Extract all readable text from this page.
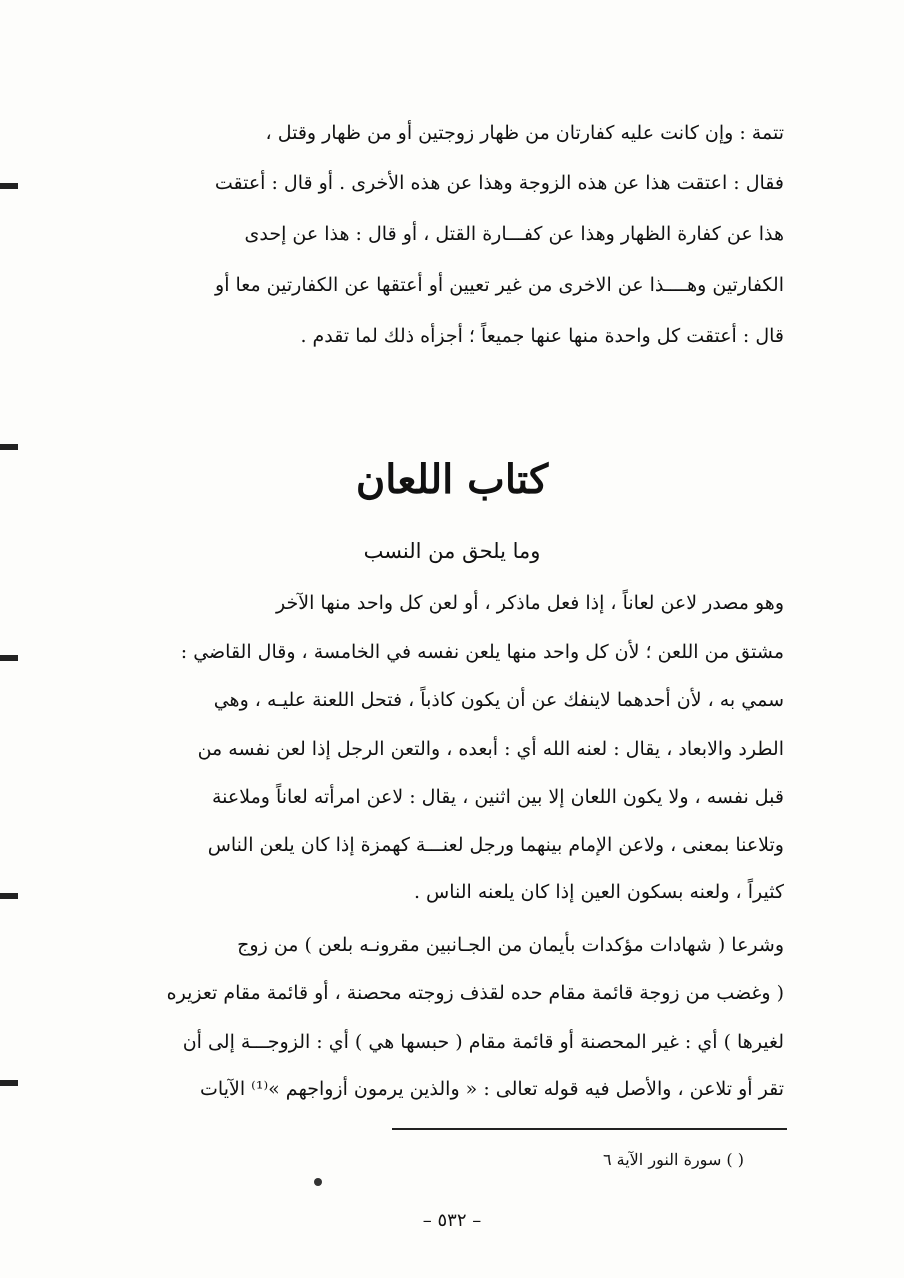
تتمة : وإن كانت عليه كفارتان من ظهار زوجتين أو من ظهار وقتل ،
فقال : اعتقت هذا عن هذه الزوجة وهذا عن هذه الأخرى . أو قال : أعتقت
هذا عن كفارة الظهار وهذا عن كفـــارة القتل ، أو قال : هذا عن إحدى
الكفارتين وهــــذا عن الاخرى من غير تعيين أو أعتقها عن الكفارتين معا أو
قال : أعتقت كل واحدة منها عنها جميعاً ؛ أجزأه ذلك لما تقدم .
كتاب اللعان
وما يلحق من النسب
وهو مصدر لاعن لعاناً ، إذا فعل ماذكر ، أو لعن كل واحد منها الآخر
مشتق من اللعن ؛ لأن كل واحد منها يلعن نفسه في الخامسة ، وقال القاضي :
سمي به ، لأن أحدهما لاينفك عن أن يكون كاذباً ، فتحل اللعنة عليـه ، وهي
الطرد والابعاد ، يقال : لعنه الله أي : أبعده ، والتعن الرجل إذا لعن نفسه من
قبل نفسه ، ولا يكون اللعان إلا بين اثنين ، يقال : لاعن امرأته لعاناً وملاعنة
وتلاعنا بمعنى ، ولاعن الإمام بينهما ورجل لعنـــة كهمزة إذا كان يلعن الناس
كثيراً ، ولعنه بسكون العين إذا كان يلعنه الناس .
وشرعا ( شهادات مؤكدات بأيمان من الجـانبين مقرونـه بلعن ) من زوج
( وغضب من زوجة قائمة مقام حده لقذف زوجته محصنة ، أو قائمة مقام تعزيره
لغيرها ) أي : غير المحصنة أو قائمة مقام ( حبسها هي ) أي : الزوجـــة إلى أن
تقر أو تلاعن ، والأصل فيه قوله تعالى : « والذين يرمون أزواجهم »⁽¹⁾ الآيات
( ) سورة النور الآية ٦
– ٥٣٢ –
